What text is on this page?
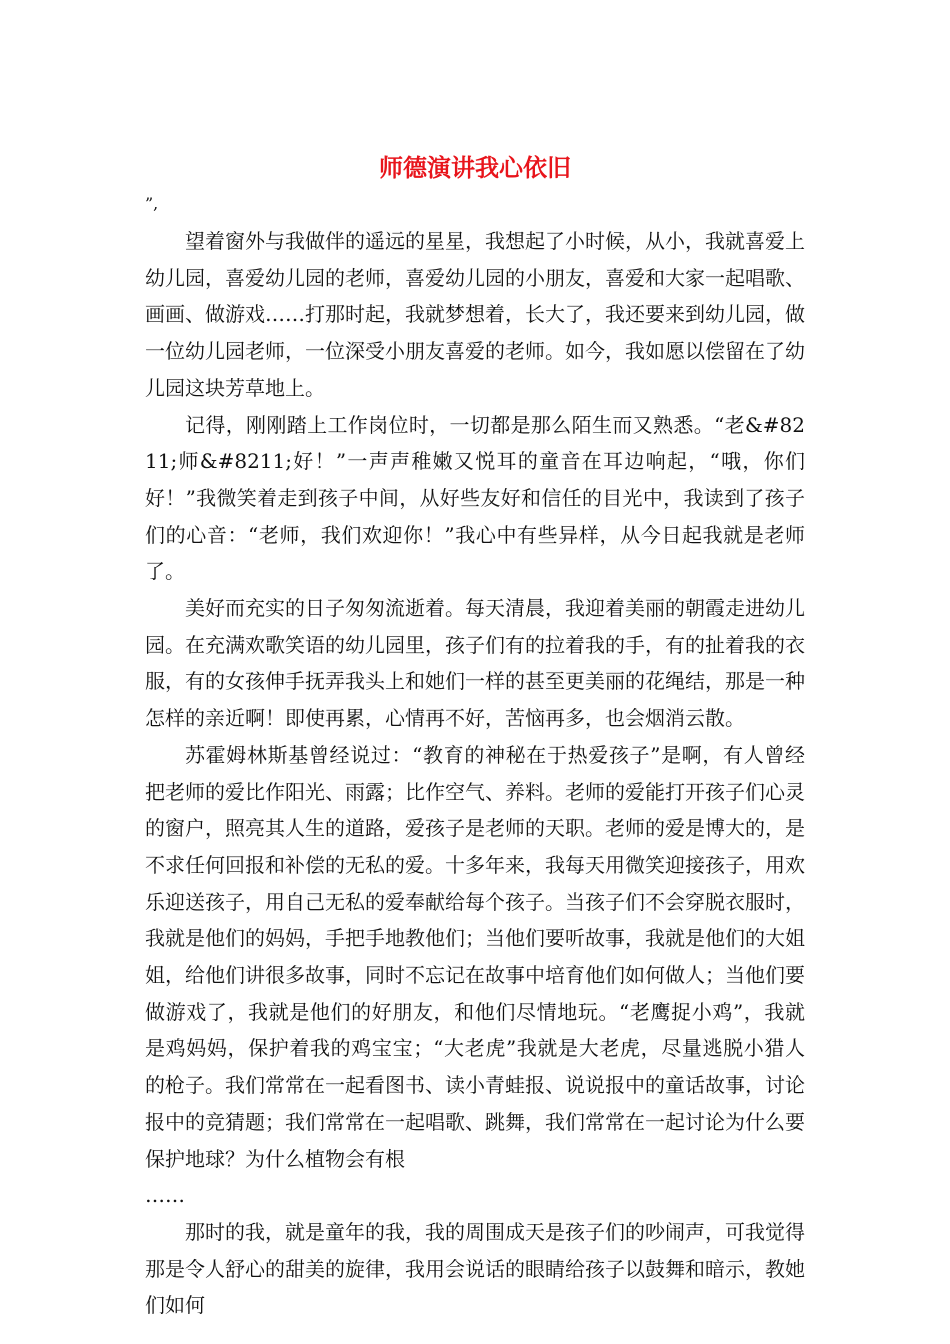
师德演讲我心依旧
”,

望着窗外与我做伴的遥远的星星，我想起了小时候，从小，我就喜爱上幼儿园，喜爱幼儿园的老师，喜爱幼儿园的小朋友，喜爱和大家一起唱歌、画画、做游戏……打那时起，我就梦想着，长大了，我还要来到幼儿园，做一位幼儿园老师，一位深受小朋友喜爱的老师。如今，我如愿以偿留在了幼儿园这块芳草地上。

记得，刚刚踏上工作岗位时，一切都是那么陌生而又熟悉。“老&#8211;师&#8211;好！”一声声稚嫩又悦耳的童音在耳边响起，“哦，你们好！”我微笑着走到孩子中间，从好些友好和信任的目光中，我读到了孩子们的心音：“老师，我们欢迎你！”我心中有些异样，从今日起我就是老师了。

美好而充实的日子匆匆流逝着。每天清晨，我迎着美丽的朝霞走进幼儿园。在充满欢歌笑语的幼儿园里，孩子们有的拉着我的手，有的扯着我的衣服，有的女孩伸手抚弄我头上和她们一样的甚至更美丽的花绳结，那是一种怎样的亲近啊！即使再累，心情再不好，苦恼再多，也会烟消云散。

苏霍姆林斯基曾经说过：“教育的神秘在于热爱孩子”是啊，有人曾经把老师的爱比作阳光、雨露；比作空气、养料。老师的爱能打开孩子们心灵的窗户，照亮其人生的道路，爱孩子是老师的天职。老师的爱是博大的，是不求任何回报和补偿的无私的爱。十多年来，我每天用微笑迎接孩子，用欢乐迎送孩子，用自己无私的爱奉献给每个孩子。当孩子们不会穿脱衣服时，我就是他们的妈妈，手把手地教他们；当他们要听故事，我就是他们的大姐姐，给他们讲很多故事，同时不忘记在故事中培育他们如何做人；当他们要做游戏了，我就是他们的好朋友，和他们尽情地玩。“老鹰捉小鸡”，我就是鸡妈妈，保护着我的鸡宝宝；“大老虎”我就是大老虎，尽量逃脱小猎人的枪子。我们常常在一起看图书、读小青蛙报、说说报中的童话故事，讨论报中的竞猜题；我们常常在一起唱歌、跳舞，我们常常在一起讨论为什么要保护地球？为什么植物会有根

……

那时的我，就是童年的我，我的周围成天是孩子们的吵闹声，可我觉得那是令人舒心的甜美的旋律，我用会说话的眼睛给孩子以鼓舞和暗示，教她们如何
